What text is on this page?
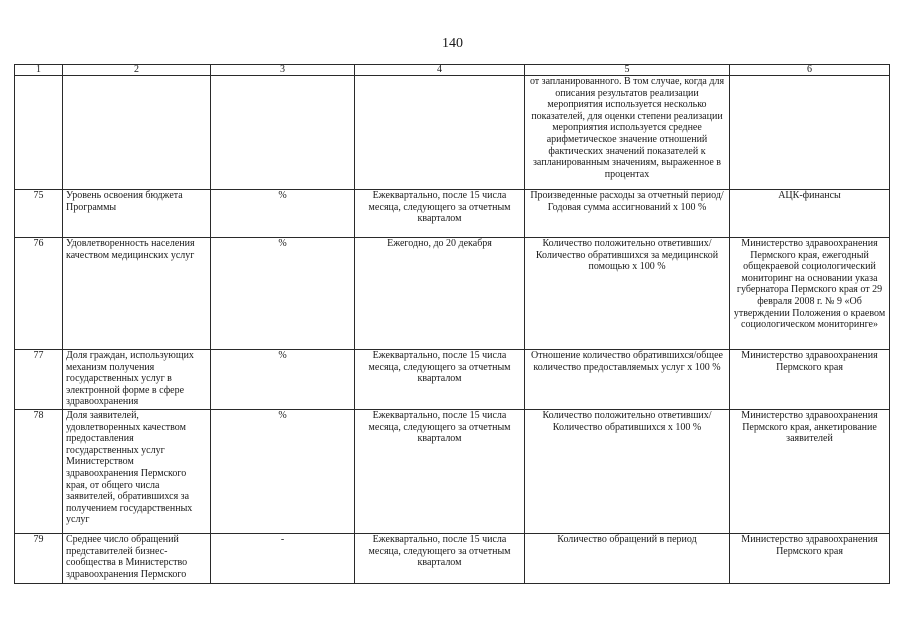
140
1	2	3	4	5	6
				от запланированного. В том случае, когда для описания результатов реализации мероприятия используется несколько показателей, для оценки степени реализации мероприятия используется среднее арифметическое значение отношений фактических значений показателей к запланированным значениям, выраженное в процентах	
75	Уровень освоения бюджета Программы	%	Ежеквартально, после 15 числа месяца, следующего за отчетным кварталом	Произведенные расходы за отчетный период/Годовая сумма ассигнований х 100 %	АЦК-финансы
76	Удовлетворенность населения качеством медицинских услуг	%	Ежегодно, до 20 декабря	Количество положительно ответивших/Количество обратившихся за медицинской помощью х 100 %	Министерство здравоохранения Пермского края, ежегодный общекраевой социологический мониторинг на основании указа губернатора Пермского края от 29 февраля 2008 г. № 9 «Об утверждении Положения о краевом социологическом мониторинге»
77	Доля граждан, использующих механизм получения государственных услуг в электронной форме в сфере здравоохранения	%	Ежеквартально, после 15 числа месяца, следующего за отчетным кварталом	Отношение количество обратившихся/общее количество предоставляемых услуг х 100 %	Министерство здравоохранения Пермского края
78	Доля заявителей, удовлетворенных качеством предоставления государственных услуг Министерством здравоохранения Пермского края, от общего числа заявителей, обратившихся за получением государственных услуг	%	Ежеквартально, после 15 числа месяца, следующего за отчетным кварталом	Количество положительно ответивших/Количество обратившихся х 100 %	Министерство здравоохранения Пермского края, анкетирование заявителей
79	Среднее число обращений представителей бизнес-сообщества в Министерство здравоохранения Пермского	-	Ежеквартально, после 15 числа месяца, следующего за отчетным кварталом	Количество обращений в период	Министерство здравоохранения Пермского края
